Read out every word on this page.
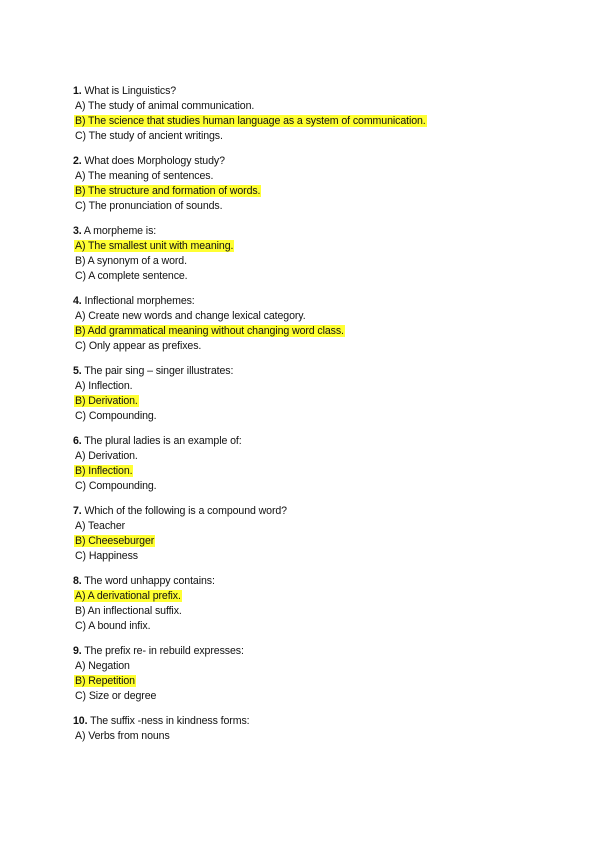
1. What is Linguistics?
A) The study of animal communication.
B) The science that studies human language as a system of communication.
C) The study of ancient writings.
2. What does Morphology study?
A) The meaning of sentences.
B) The structure and formation of words.
C) The pronunciation of sounds.
3. A morpheme is:
A) The smallest unit with meaning.
B) A synonym of a word.
C) A complete sentence.
4. Inflectional morphemes:
A) Create new words and change lexical category.
B) Add grammatical meaning without changing word class.
C) Only appear as prefixes.
5. The pair sing – singer illustrates:
A) Inflection.
B) Derivation.
C) Compounding.
6. The plural ladies is an example of:
A) Derivation.
B) Inflection.
C) Compounding.
7. Which of the following is a compound word?
A) Teacher
B) Cheeseburger
C) Happiness
8. The word unhappy contains:
A) A derivational prefix.
B) An inflectional suffix.
C) A bound infix.
9. The prefix re- in rebuild expresses:
A) Negation
B) Repetition
C) Size or degree
10. The suffix -ness in kindness forms:
A) Verbs from nouns
